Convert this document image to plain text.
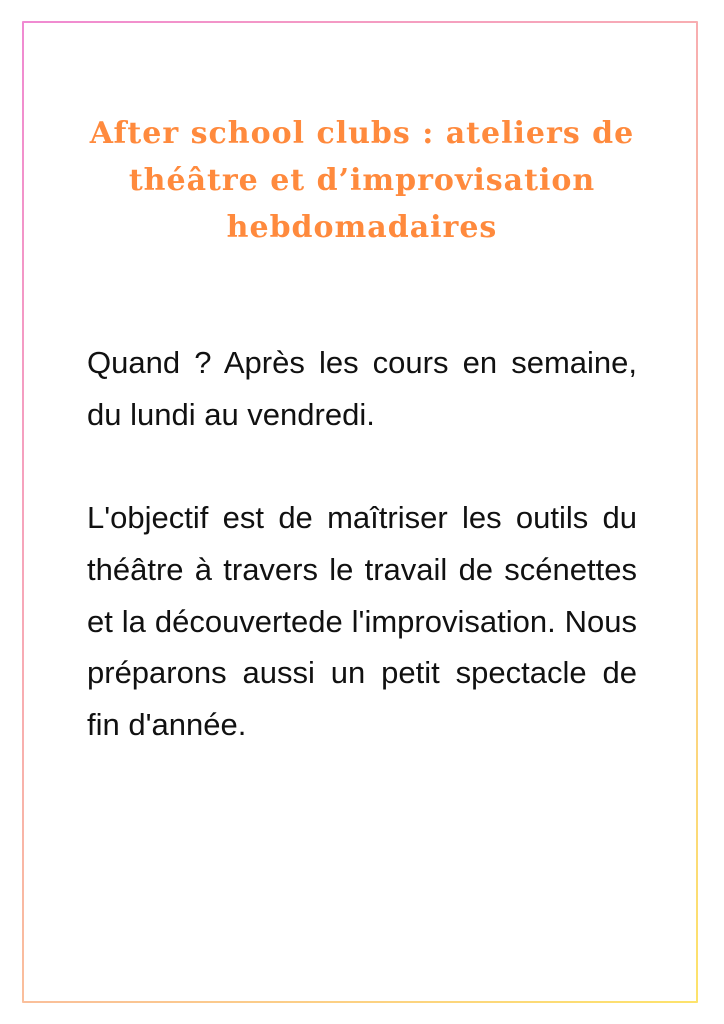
After school clubs : ateliers de théâtre et d’improvisation hebdomadaires

Quand ? Après les cours en semaine, du lundi au vendredi.

L'objectif est de maîtriser les outils du théâtre à travers le travail de scénettes et la découvertede l'improvisation. Nous préparons aussi un petit spectacle de fin d'année.
